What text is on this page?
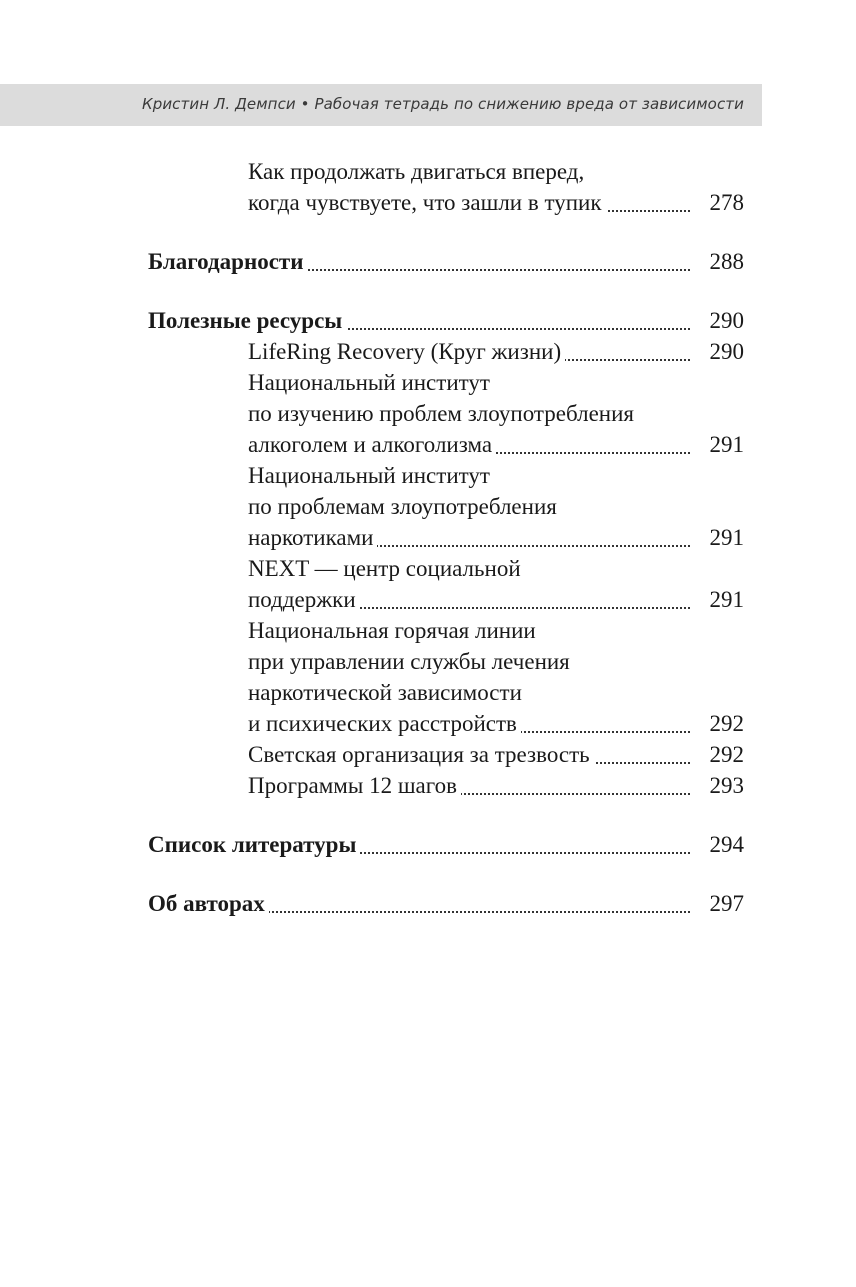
Кристин Л. Демпси • Рабочая тетрадь по снижению вреда от зависимости
Как продолжать двигаться вперед,
когда чувствуете, что зашли в тупик	278
Благодарности	288
Полезные ресурсы	290
LifeRing Recovery (Круг жизни)	290
Национальный институт
по изучению проблем злоупотребления
алкоголем и алкоголизма	291
Национальный институт
по проблемам злоупотребления
наркотиками	291
NEXT — центр социальной
поддержки	291
Национальная горячая линии
при управлении службы лечения
наркотической зависимости
и психических расстройств	292
Светская организация за трезвость	292
Программы 12 шагов	293
Список литературы	294
Об авторах	297
